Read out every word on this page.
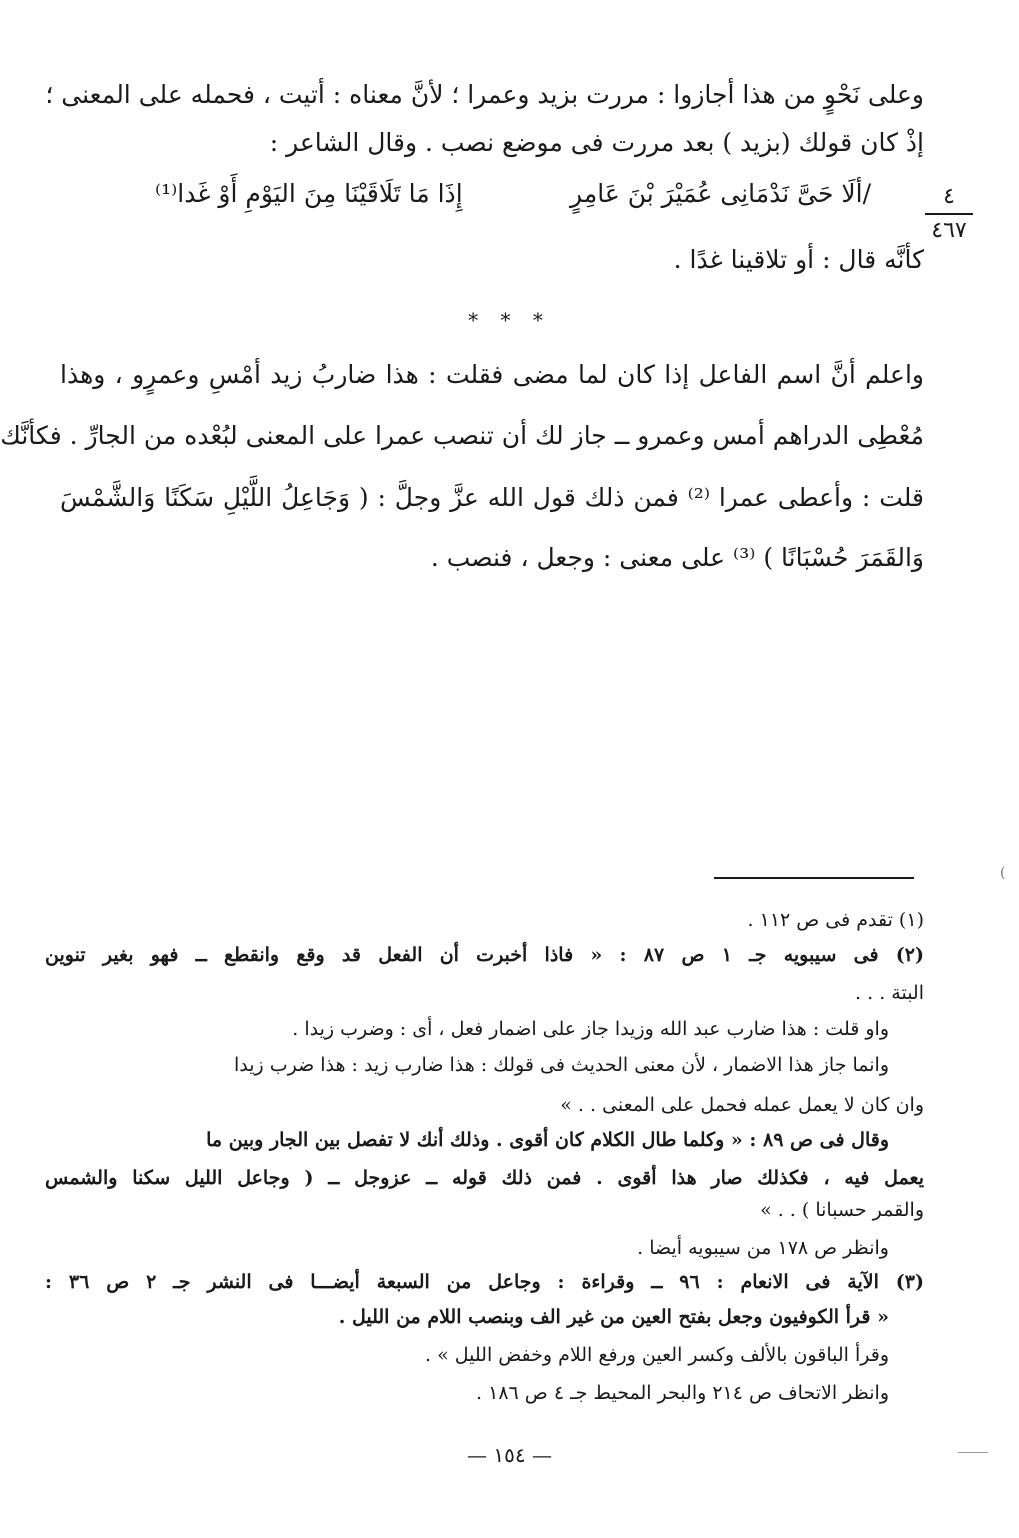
وعلى نَحْوٍ من هذا أجازوا : مررت بزيد وعمرا ؛ لأنَّ معناه : أتيت ، فحمله على المعنى ؛
إذْ كان قولك (بزيد ) بعد مررت فى موضع نصب . وقال الشاعر :
/ألَا حَىَّ نَدْمَانِى عُمَيْرَ بْنَ عَامِرٍ
إِذَا مَا تَلَاقَيْنَا مِنَ اليَوْمِ أَوْ غَدا⁽¹⁾
كأنَّه قال : أو تلاقينا غدًا .
* * *
واعلم أنَّ اسم الفاعل إذا كان لما مضى فقلت : هذا ضاربُ زيد أمْسِ وعمرٍو ، وهذا
مُعْطِى الدراهم أمس وعمرو ــ جاز لك أن تنصب عمرا على المعنى لبُعْده من الجارِّ . فكأنَّك
قلت : وأعطى عمرا ⁽²⁾ فمن ذلك قول الله عزَّ وجلَّ : ( وَجَاعِلُ اللَّيْلِ سَكَنًا وَالشَّمْسَ
وَالقَمَرَ حُسْبَانًا ) ⁽³⁾ على معنى : وجعل ، فنصب .
٤
٤٦٧
(١) تقدم فى ص ١١٢ .
(٢) فى سيبويه جـ ١ ص ٨٧ : « فاذا أخبرت أن الفعل قد وقع وانقطع ــ فهو بغير تنوين
البتة . . .
واو قلت : هذا ضارب عبد الله وزيدا جاز على اضمار فعل ، أى : وضرب زيدا .
وانما جاز هذا الاضمار ، لأن معنى الحديث فى قولك : هذا ضارب زيد : هذا ضرب زيدا
وان كان لا يعمل عمله فحمل على المعنى . . »
وقال فى ص ٨٩ : « وكلما طال الكلام كان أقوى . وذلك أنك لا تفصل بين الجار وبين ما
يعمل فيه ، فكذلك صار هذا أقوى . فمن ذلك قوله ــ عزوجل ــ ( وجاعل الليل سكنا والشمس
والقمر حسبانا ) . . »
وانظر ص ١٧٨ من سيبويه أيضا .
(٣) الآية فى الانعام : ٩٦ ــ وقراءة : وجاعل من السبعة أيضـــا فى النشر جـ ٢ ص ٣٦ :
« قرأ الكوفيون وجعل بفتح العين من غير الف وبنصب اللام من الليل .
وقرأ الباقون بالألف وكسر العين ورفع اللام وخفض الليل » .
وانظر الاتحاف ص ٢١٤ والبحر المحيط جـ ٤ ص ١٨٦ .
— ١٥٤ —
(
